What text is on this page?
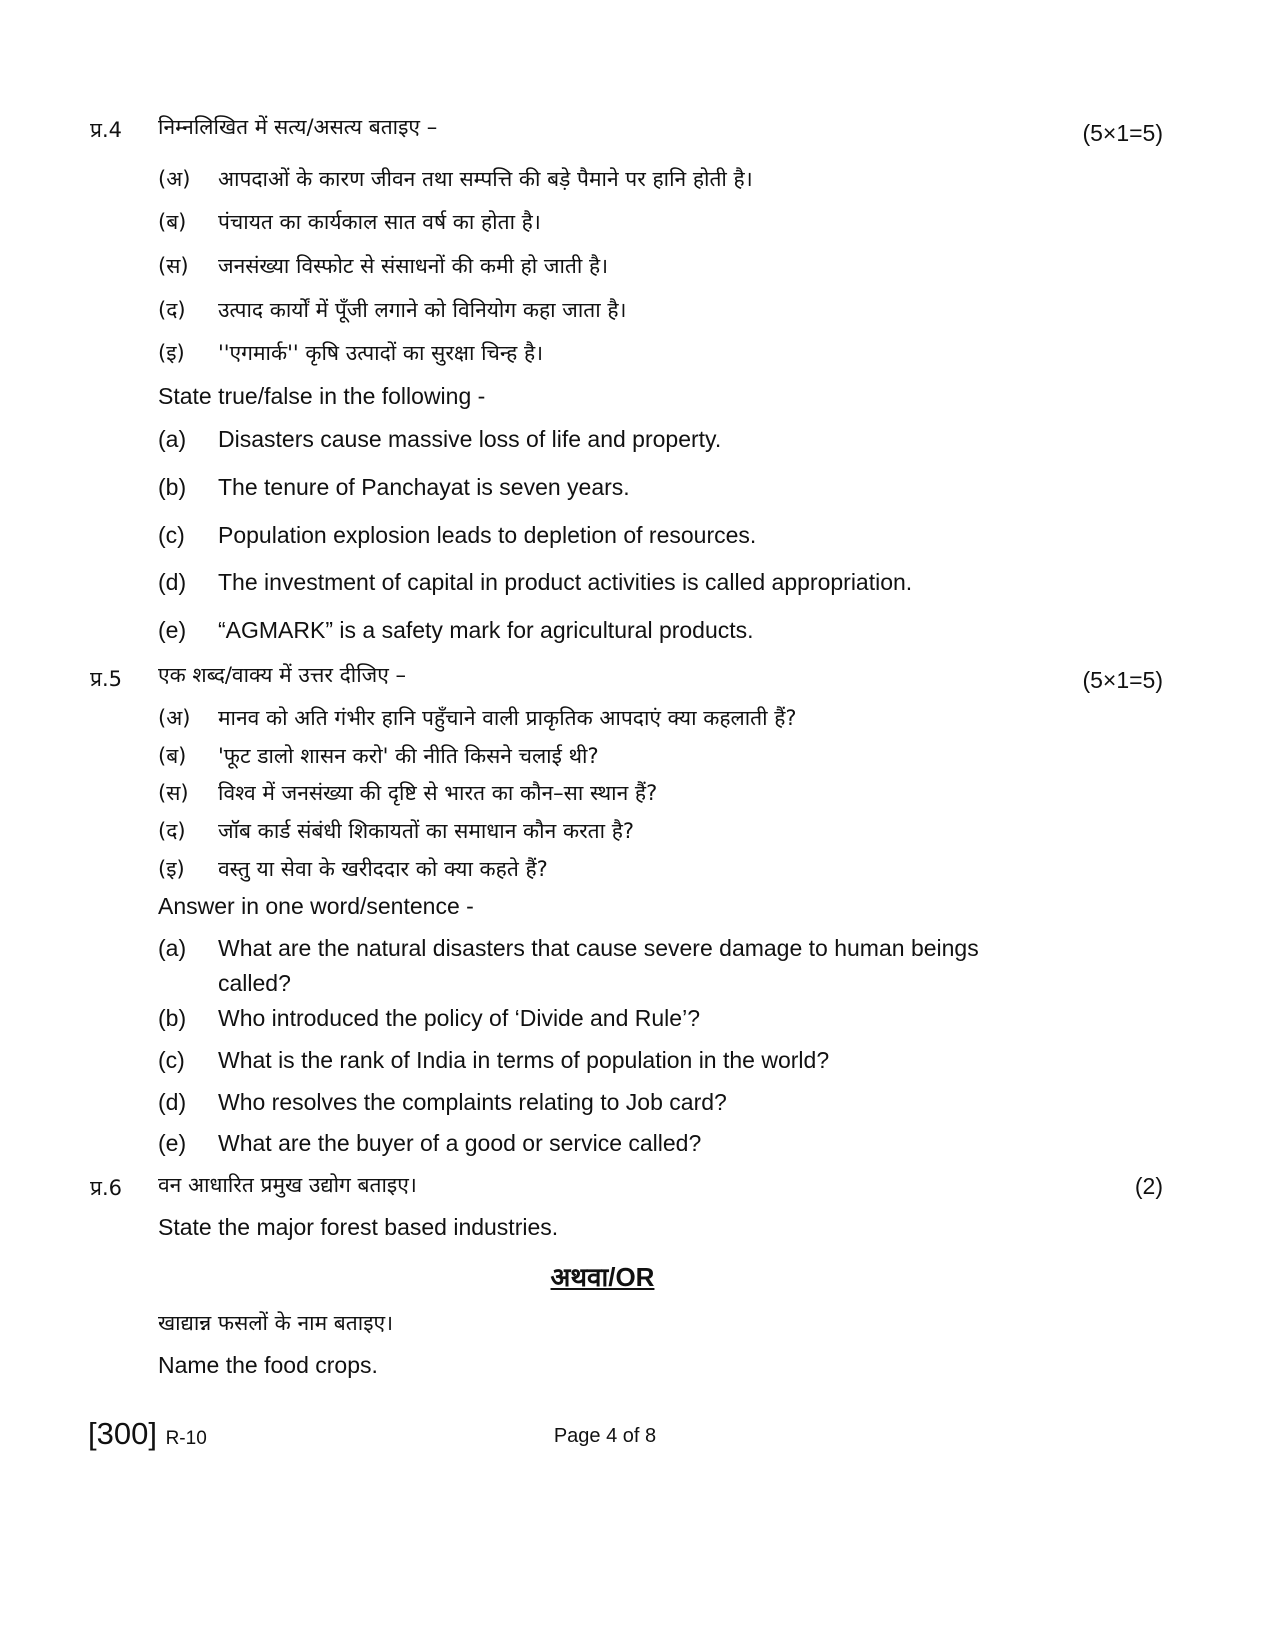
प्र.4 निम्नलिखित में सत्य/असत्य बताइए –	(5×1=5)
(अ) आपदाओं के कारण जीवन तथा सम्पत्ति की बड़े पैमाने पर हानि होती है।
(ब) पंचायत का कार्यकाल सात वर्ष का होता है।
(स) जनसंख्या विस्फोट से संसाधनों की कमी हो जाती है।
(द) उत्पाद कार्यों में पूँजी लगाने को विनियोग कहा जाता है।
(इ) ''एगमार्क'' कृषि उत्पादों का सुरक्षा चिन्ह है।
State true/false in the following -
(a) Disasters cause massive loss of life and property.
(b) The tenure of Panchayat is seven years.
(c) Population explosion leads to depletion of resources.
(d) The investment of capital in product activities is called appropriation.
(e) “AGMARK” is a safety mark for agricultural products.
प्र.5 एक शब्द/वाक्य में उत्तर दीजिए –	(5×1=5)
(अ) मानव को अति गंभीर हानि पहुँचाने वाली प्राकृतिक आपदाएं क्या कहलाती हैं?
(ब) 'फूट डालो शासन करो' की नीति किसने चलाई थी?
(स) विश्व में जनसंख्या की दृष्टि से भारत का कौन–सा स्थान हैं?
(द) जॉब कार्ड संबंधी शिकायतों का समाधान कौन करता है?
(इ) वस्तु या सेवा के खरीददार को क्या कहते हैं?
Answer in one word/sentence -
(a) What are the natural disasters that cause severe damage to human beings
called?
(b) Who introduced the policy of ‘Divide and Rule’?
(c) What is the rank of India in terms of population in the world?
(d) Who resolves the complaints relating to Job card?
(e) What are the buyer of a good or service called?
प्र.6 वन आधारित प्रमुख उद्योग बताइए।	(2)
State the major forest based industries.
अथवा/OR
खाद्यान्न फसलों के नाम बताइए।
Name the food crops.
[300] R-10	Page 4 of 8
